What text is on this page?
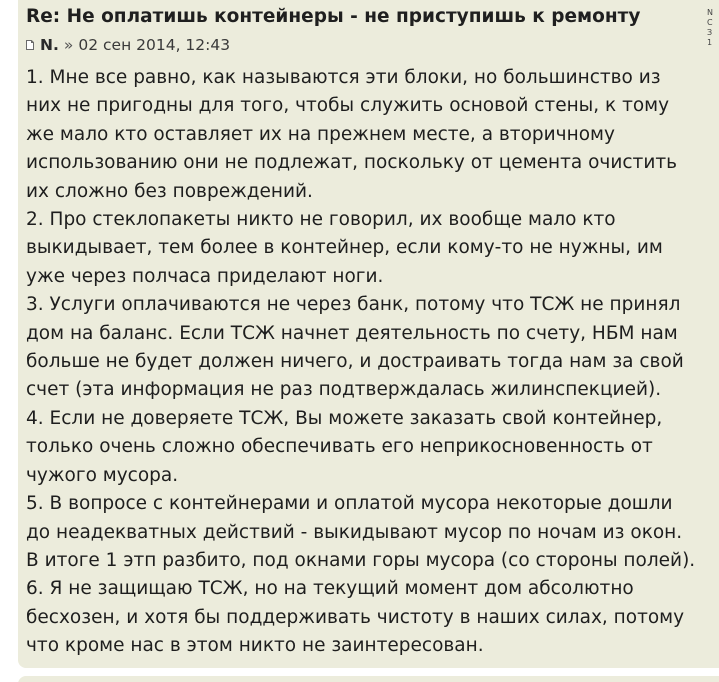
Re: Не оплатишь контейнеры - не приступишь к ремонту

N. » 02 сен 2014, 12:43

1. Мне все равно, как называются эти блоки, но большинство из
них не пригодны для того, чтобы служить основой стены, к тому
же мало кто оставляет их на прежнем месте, а вторичному
использованию они не подлежат, поскольку от цемента очистить
их сложно без повреждений.
2. Про стеклопакеты никто не говорил, их вообще мало кто
выкидывает, тем более в контейнер, если кому-то не нужны, им
уже через полчаса приделают ноги.
3. Услуги оплачиваются не через банк, потому что ТСЖ не принял
дом на баланс. Если ТСЖ начнет деятельность по счету, НБМ нам
больше не будет должен ничего, и достраивать тогда нам за свой
счет (эта информация не раз подтверждалась жилинспекцией).
4. Если не доверяете ТСЖ, Вы можете заказать свой контейнер,
только очень сложно обеспечивать его неприкосновенность от
чужого мусора.
5. В вопросе с контейнерами и оплатой мусора некоторые дошли
до неадекватных действий - выкидывают мусор по ночам из окон.
В итоге 1 этп разбито, под окнами горы мусора (со стороны полей).
6. Я не защищаю ТСЖ, но на текущий момент дом абсолютно
бесхозен, и хотя бы поддерживать чистоту в наших силах, потому
что кроме нас в этом никто не заинтересован.
N
С
З
1
